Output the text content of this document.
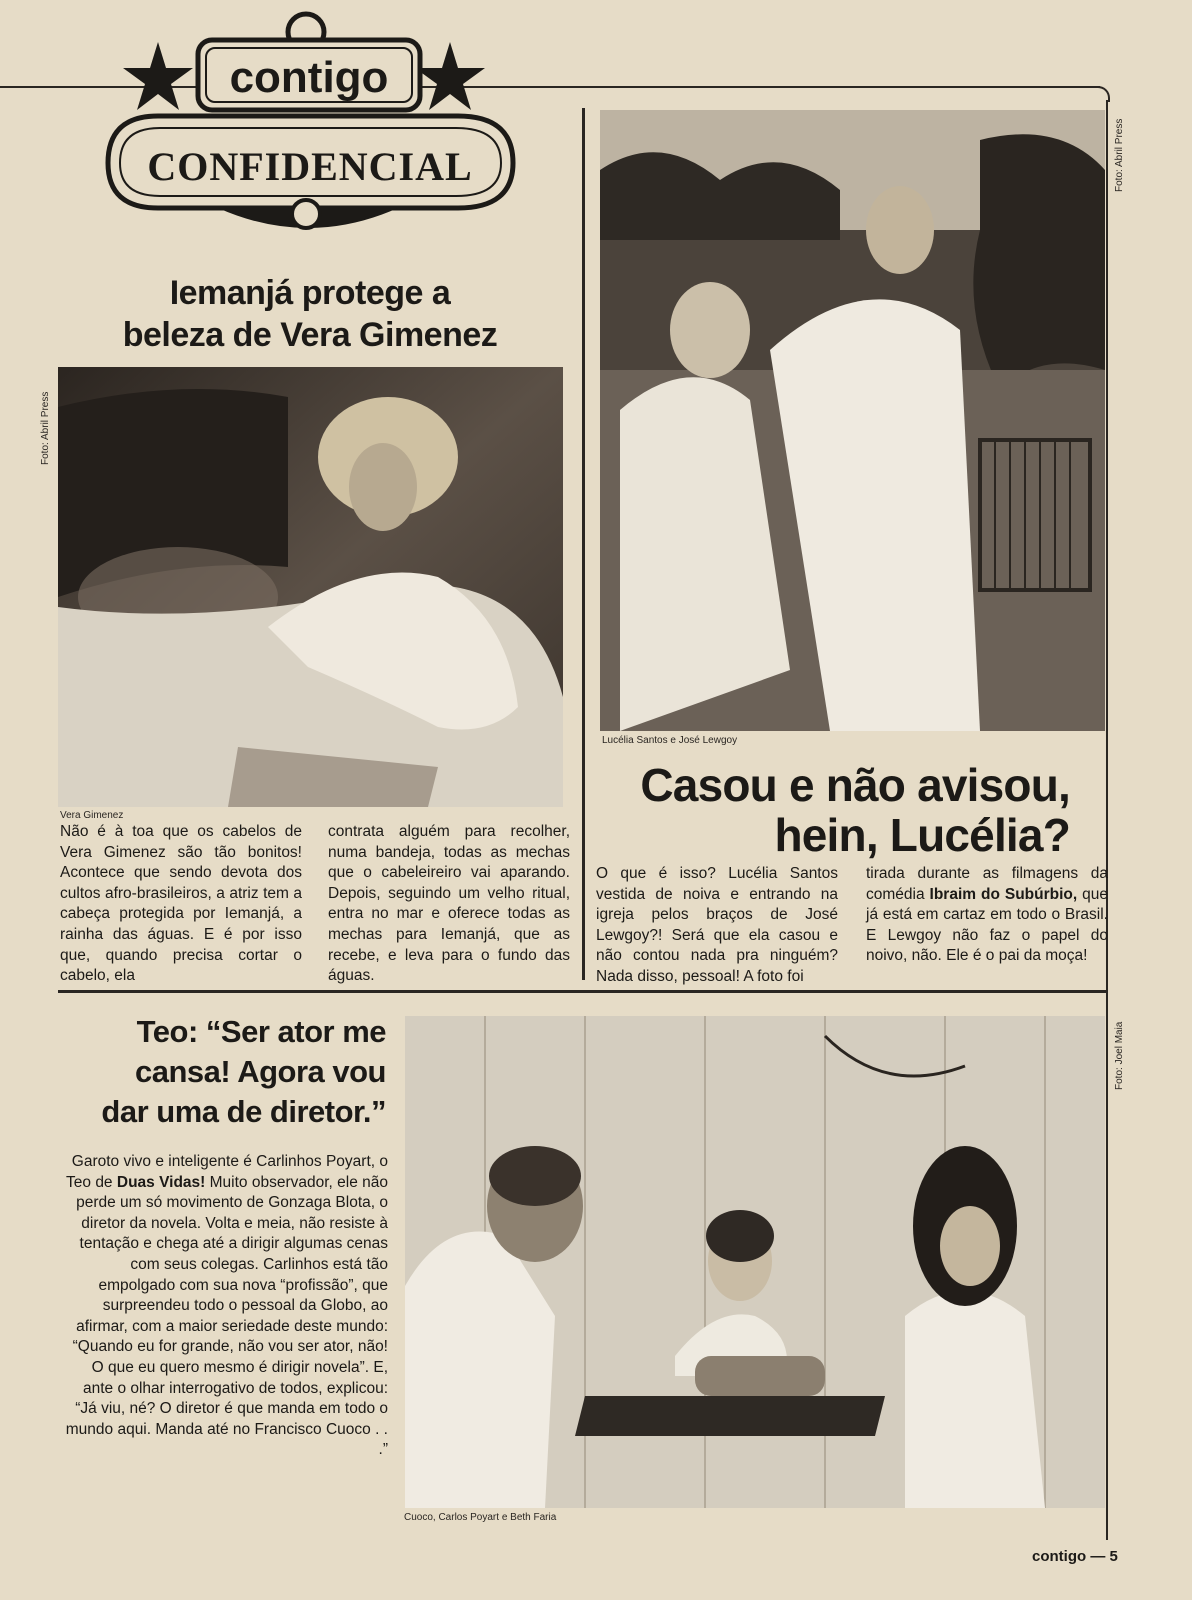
contigo
CONFIDENCIAL
Iemanjá protege a
beleza de Vera Gimenez
Foto: Abril Press
Vera Gimenez
Não é à toa que os cabelos de Vera Gimenez são tão bonitos! Acontece que sendo devota dos cultos afro-brasileiros, a atriz tem a cabeça protegida por Iemanjá, a rainha das águas. E é por isso que, quando precisa cortar o cabelo, ela
contrata alguém para recolher, numa bandeja, todas as mechas que o cabeleireiro vai aparando. Depois, seguindo um velho ritual, entra no mar e oferece todas as mechas para Iemanjá, que as recebe, e leva para o fundo das águas.
Foto: Abril Press
Lucélia Santos e José Lewgoy
Casou e não avisou,
hein, Lucélia?
O que é isso? Lucélia Santos vestida de noiva e entrando na igreja pelos braços de José Lewgoy?! Será que ela casou e não contou nada pra ninguém? Nada disso, pessoal! A foto foi
tirada durante as filmagens da comédia Ibraim do Subúrbio, que já está em cartaz em todo o Brasil. E Lewgoy não faz o papel do noivo, não. Ele é o pai da moça!
Teo: “Ser ator me
cansa! Agora vou
dar uma de diretor.”
Garoto vivo e inteligente é Carlinhos Poyart, o Teo de Duas Vidas! Muito observador, ele não perde um só movimento de Gonzaga Blota, o diretor da novela. Volta e meia, não resiste à tentação e chega até a dirigir algumas cenas com seus colegas. Carlinhos está tão empolgado com sua nova “profissão”, que surpreendeu todo o pessoal da Globo, ao afirmar, com a maior seriedade deste mundo: “Quando eu for grande, não vou ser ator, não! O que eu quero mesmo é dirigir novela”. E, ante o olhar interrogativo de todos, explicou: “Já viu, né? O diretor é que manda em todo o mundo aqui. Manda até no Francisco Cuoco . . .”
Foto: Joel Maia
Cuoco, Carlos Poyart e Beth Faria
contigo — 5
